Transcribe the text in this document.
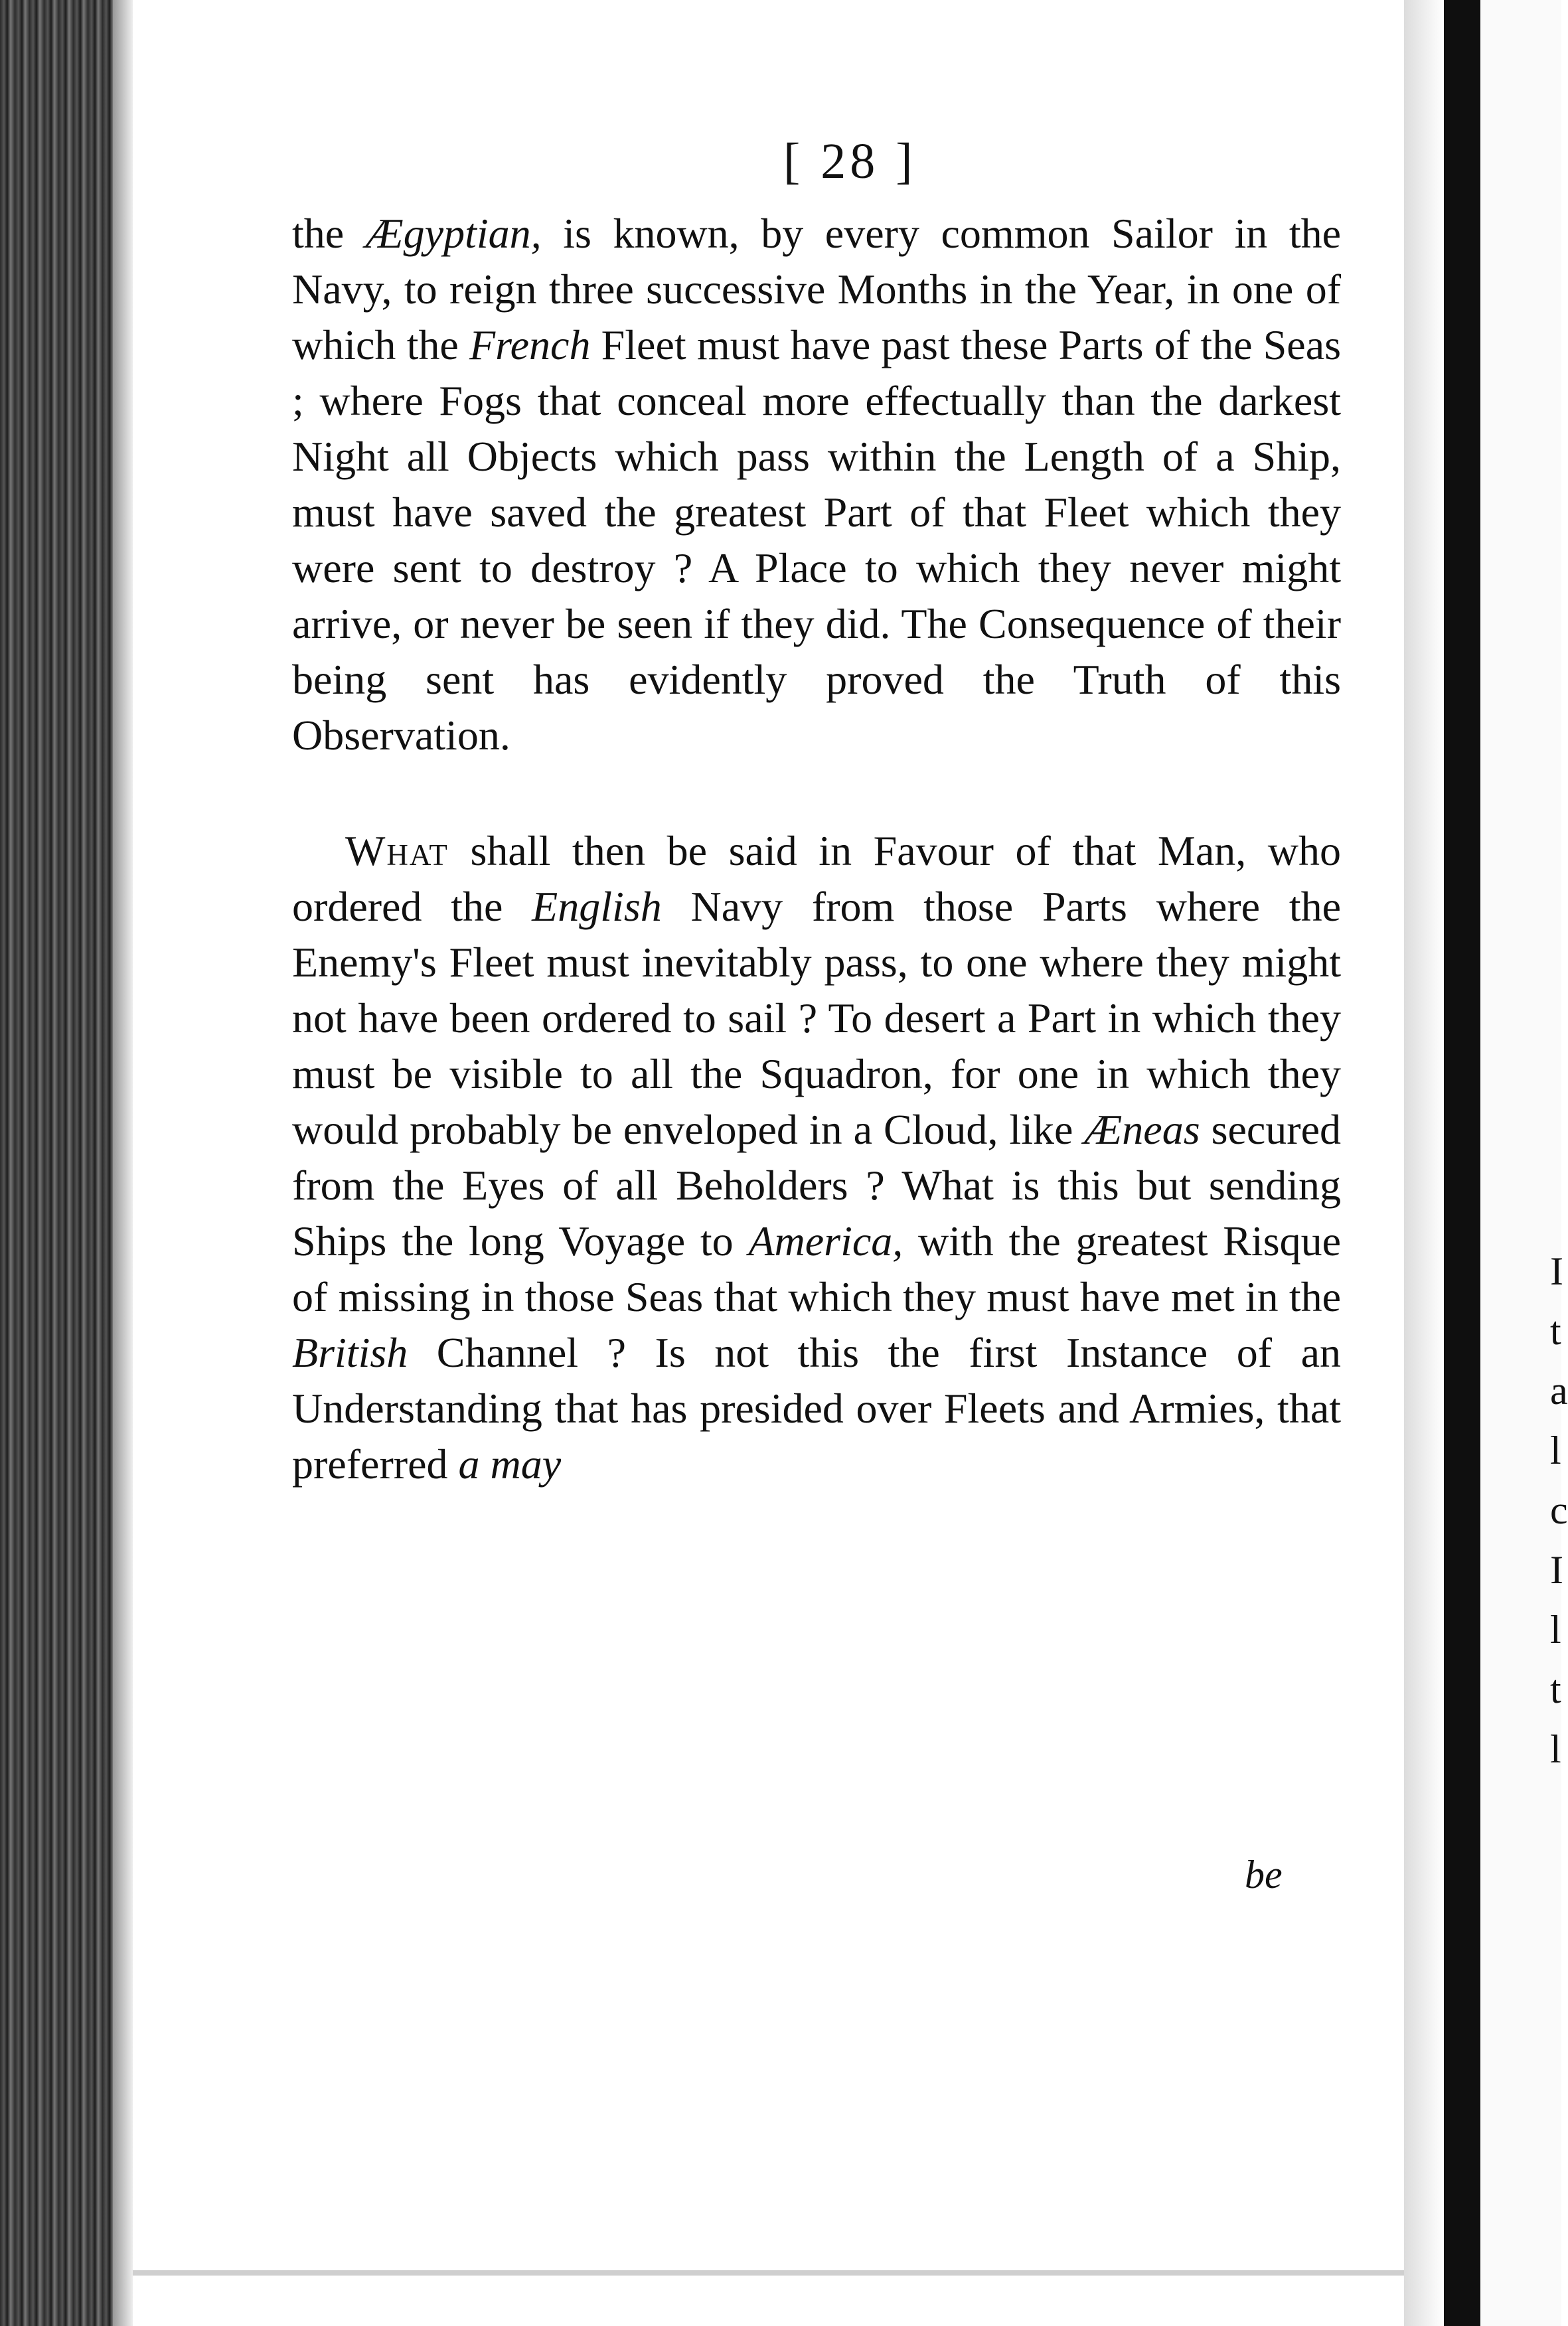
[ 28 ]

the Ægyptian, is known, by every common Sailor in the Navy, to reign three successive Months in the Year, in one of which the French Fleet must have past these Parts of the Seas ; where Fogs that conceal more effectually than the darkest Night all Objects which pass within the Length of a Ship, must have saved the greatest Part of that Fleet which they were sent to destroy ? A Place to which they never might arrive, or never be seen if they did. The Consequence of their being sent has evidently proved the Truth of this Observation.

What shall then be said in Favour of that Man, who ordered the English Navy from those Parts where the Enemy's Fleet must inevitably pass, to one where they might not have been ordered to sail ? To desert a Part in which they must be visible to all the Squadron, for one in which they would probably be enveloped in a Cloud, like Æneas secured from the Eyes of all Beholders ? What is this but sending Ships the long Voyage to America, with the greatest Risque of missing in those Seas that which they must have met in the British Channel ? Is not this the first Instance of an Understanding that has presided over Fleets and Armies, that preferred a may

be
I t a l c I l t l
